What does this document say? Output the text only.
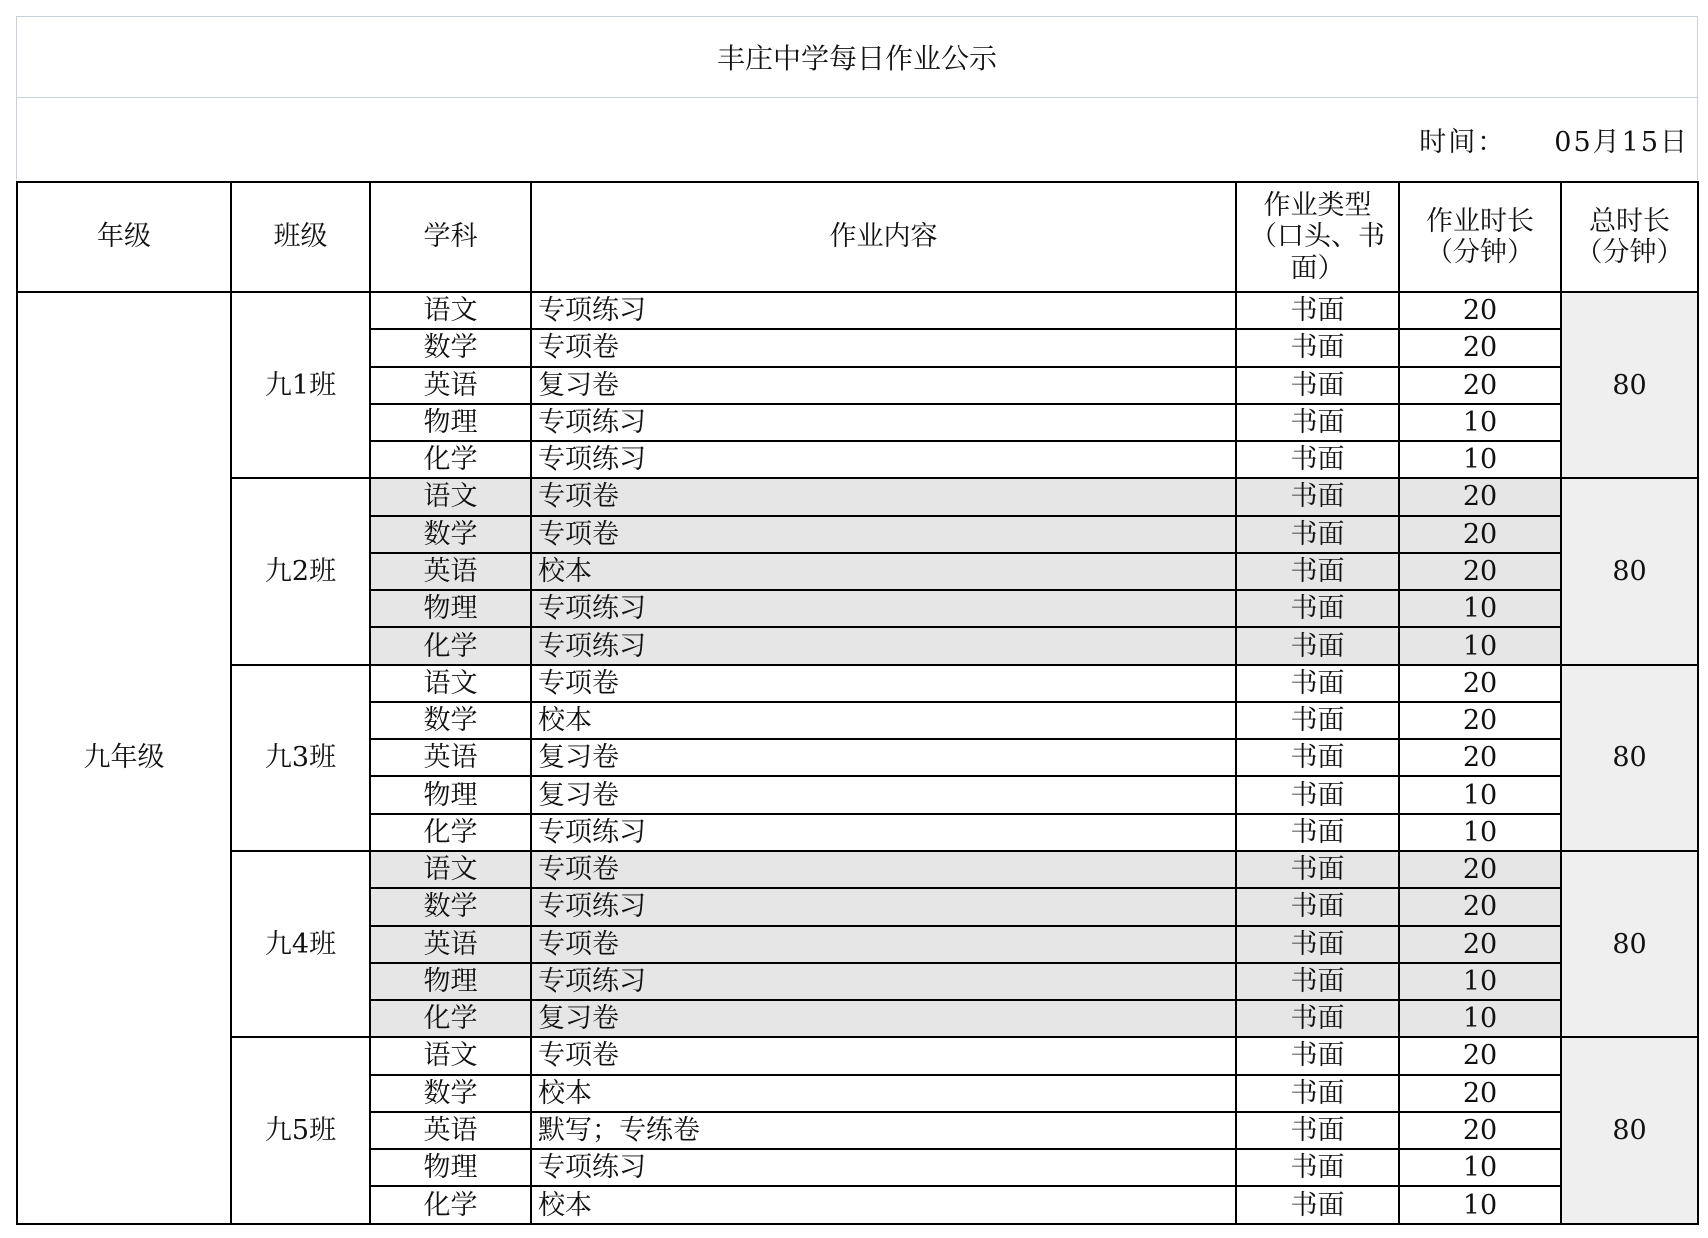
丰庄中学每日作业公示
时间： 05月15日
年级	班级	学科	作业内容	作业类型（口头、书面）	作业时长（分钟）	总时长（分钟）
九年级	九1班	语文	专项练习	书面	20	80
		数学	专项卷	书面	20	
		英语	复习卷	书面	20	
		物理	专项练习	书面	10	
		化学	专项练习	书面	10	
	九2班	语文	专项卷	书面	20	80
		数学	专项卷	书面	20	
		英语	校本	书面	20	
		物理	专项练习	书面	10	
		化学	专项练习	书面	10	
	九3班	语文	专项卷	书面	20	80
		数学	校本	书面	20	
		英语	复习卷	书面	20	
		物理	复习卷	书面	10	
		化学	专项练习	书面	10	
	九4班	语文	专项卷	书面	20	80
		数学	专项练习	书面	20	
		英语	专项卷	书面	20	
		物理	专项练习	书面	10	
		化学	复习卷	书面	10	
	九5班	语文	专项卷	书面	20	80
		数学	校本	书面	20	
		英语	默写；专练卷	书面	20	
		物理	专项练习	书面	10	
		化学	校本	书面	10	
